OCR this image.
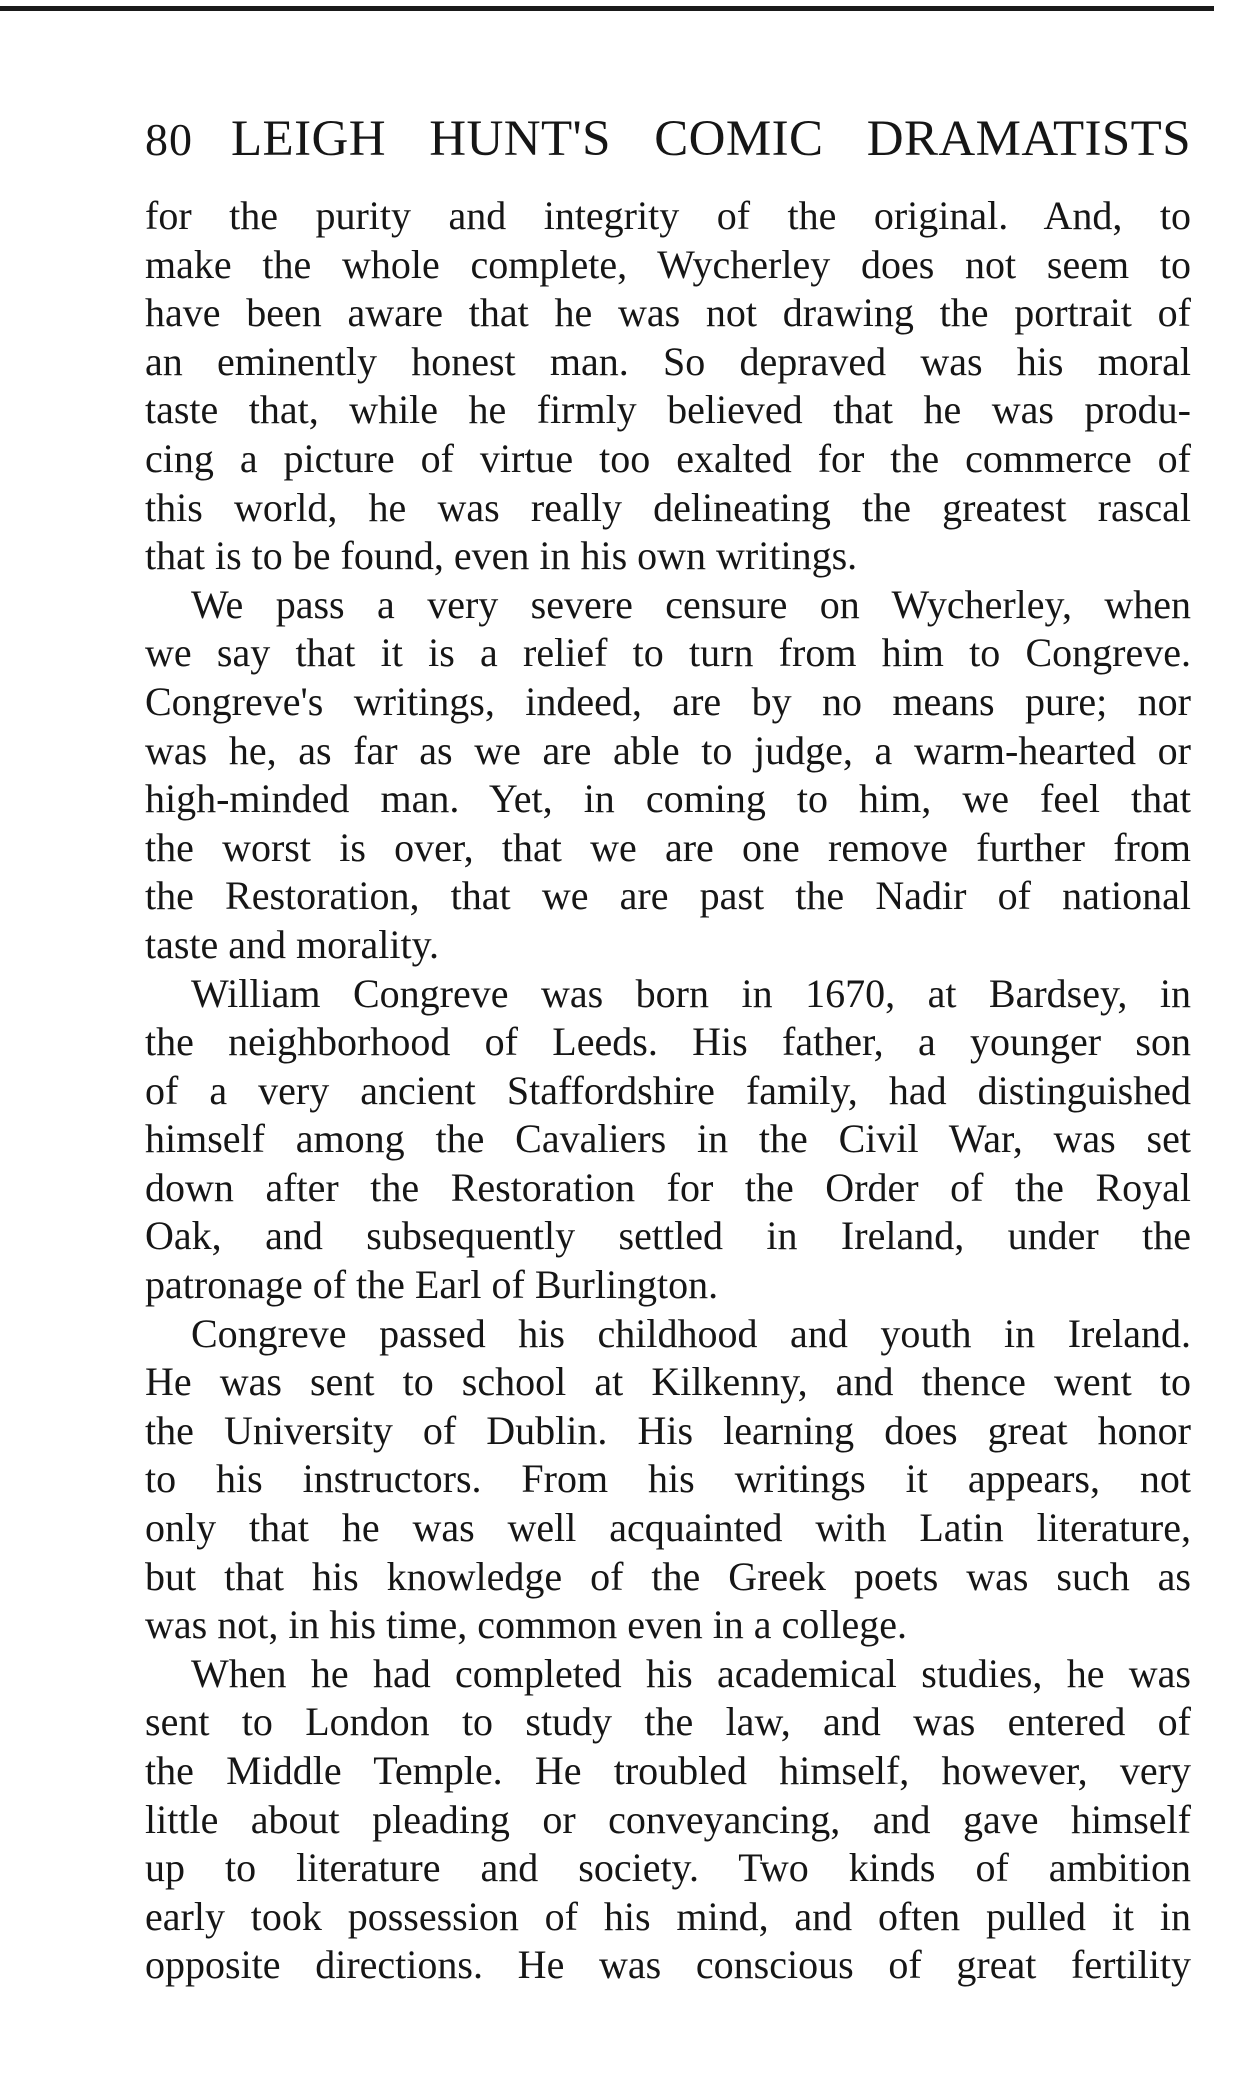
80 LEIGH HUNT'S COMIC DRAMATISTS
for the purity and integrity of the original. And, to
make the whole complete, Wycherley does not seem to
have been aware that he was not drawing the portrait of
an eminently honest man. So depraved was his moral
taste that, while he firmly believed that he was produ-
cing a picture of virtue too exalted for the commerce of
this world, he was really delineating the greatest rascal
that is to be found, even in his own writings.
We pass a very severe censure on Wycherley, when
we say that it is a relief to turn from him to Congreve.
Congreve's writings, indeed, are by no means pure; nor
was he, as far as we are able to judge, a warm-hearted or
high-minded man. Yet, in coming to him, we feel that
the worst is over, that we are one remove further from
the Restoration, that we are past the Nadir of national
taste and morality.
William Congreve was born in 1670, at Bardsey, in
the neighborhood of Leeds. His father, a younger son
of a very ancient Staffordshire family, had distinguished
himself among the Cavaliers in the Civil War, was set
down after the Restoration for the Order of the Royal
Oak, and subsequently settled in Ireland, under the
patronage of the Earl of Burlington.
Congreve passed his childhood and youth in Ireland.
He was sent to school at Kilkenny, and thence went to
the University of Dublin. His learning does great honor
to his instructors. From his writings it appears, not
only that he was well acquainted with Latin literature,
but that his knowledge of the Greek poets was such as
was not, in his time, common even in a college.
When he had completed his academical studies, he was
sent to London to study the law, and was entered of
the Middle Temple. He troubled himself, however, very
little about pleading or conveyancing, and gave himself
up to literature and society. Two kinds of ambition
early took possession of his mind, and often pulled it in
opposite directions. He was conscious of great fertility
